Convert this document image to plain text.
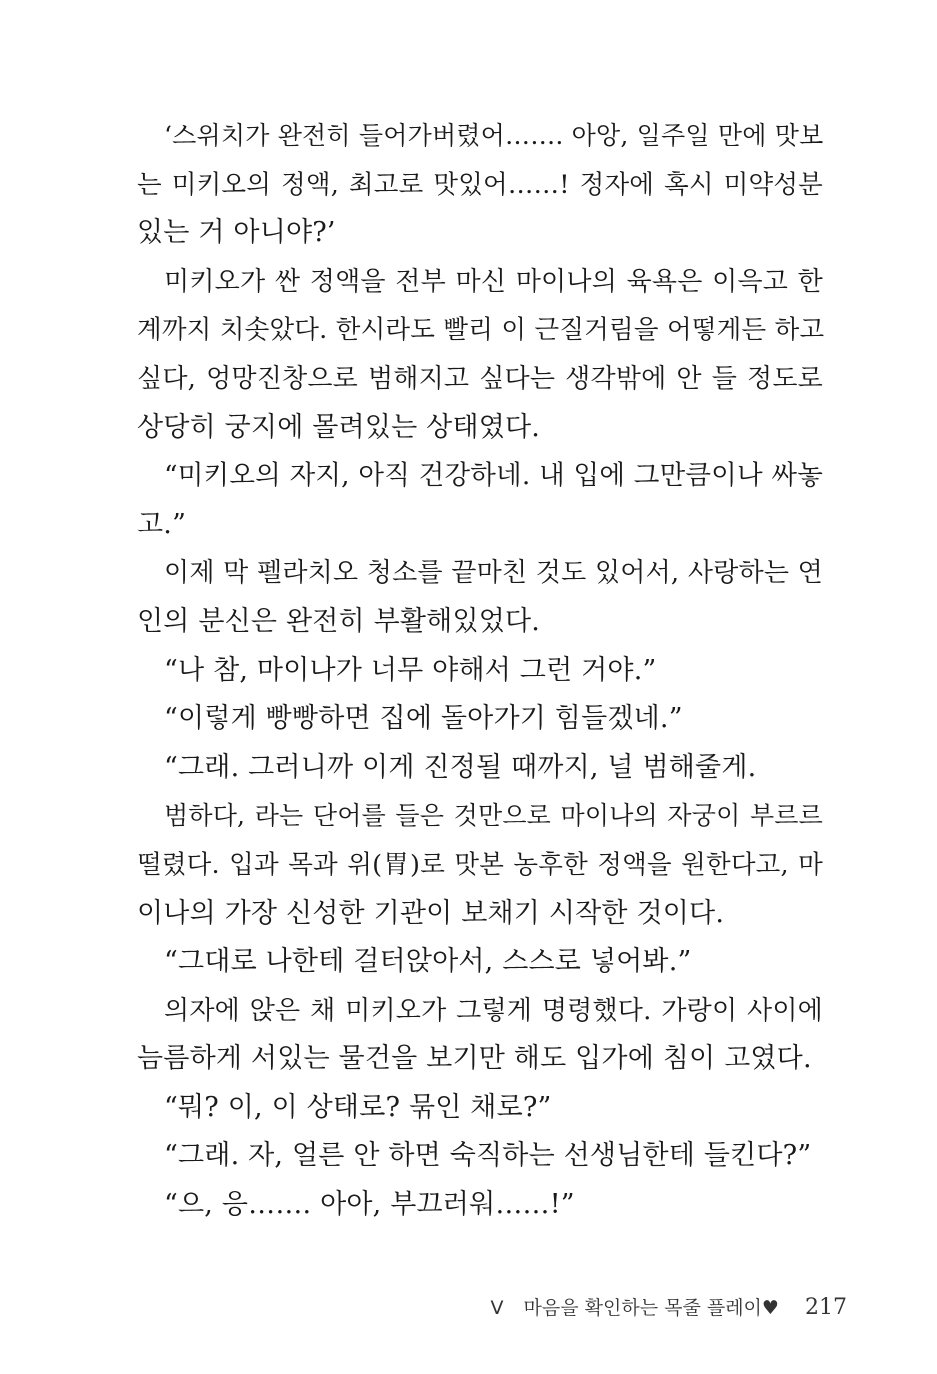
‘스위치가 완전히 들어가버렸어……. 아앙, 일주일 만에 맛보
는 미키오의 정액, 최고로 맛있어……! 정자에 혹시 미약성분
있는 거 아니야?’
미키오가 싼 정액을 전부 마신 마이나의 육욕은 이윽고 한
계까지 치솟았다. 한시라도 빨리 이 근질거림을 어떻게든 하고
싶다, 엉망진창으로 범해지고 싶다는 생각밖에 안 들 정도로
상당히 궁지에 몰려있는 상태였다.
“미키오의 자지, 아직 건강하네. 내 입에 그만큼이나 싸놓
고.”
이제 막 펠라치오 청소를 끝마친 것도 있어서, 사랑하는 연
인의 분신은 완전히 부활해있었다.
“나 참, 마이나가 너무 야해서 그런 거야.”
“이렇게 빵빵하면 집에 돌아가기 힘들겠네.”
“그래. 그러니까 이게 진정될 때까지, 널 범해줄게.
범하다, 라는 단어를 들은 것만으로 마이나의 자궁이 부르르
떨렸다. 입과 목과 위(胃)로 맛본 농후한 정액을 원한다고, 마
이나의 가장 신성한 기관이 보채기 시작한 것이다.
“그대로 나한테 걸터앉아서, 스스로 넣어봐.”
의자에 앉은 채 미키오가 그렇게 명령했다. 가랑이 사이에
늠름하게 서있는 물건을 보기만 해도 입가에 침이 고였다.
“뭐? 이, 이 상태로? 묶인 채로?”
“그래. 자, 얼른 안 하면 숙직하는 선생님한테 들킨다?”
“으, 응……. 아아, 부끄러워……!”
V 마음을 확인하는 목줄 플레이♥ 217
